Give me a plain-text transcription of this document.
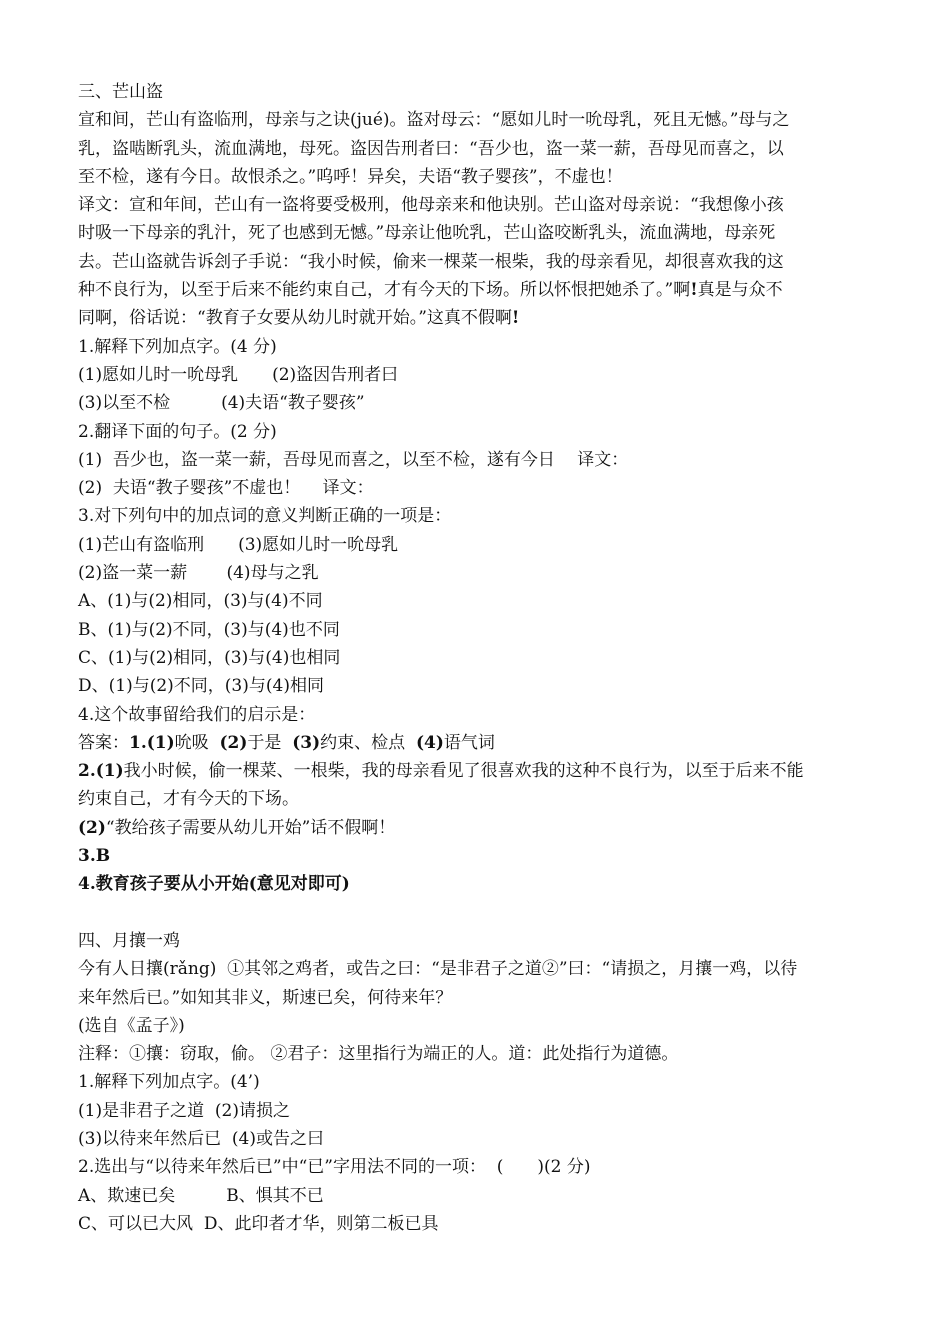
三、芒山盗
宣和间，芒山有盗临刑，母亲与之诀(jué)。盗对母云：“愿如儿时一吮母乳，死且无憾。”母与之
乳，盗啮断乳头，流血满地，母死。盗因告刑者曰：“吾少也，盗一菜一薪，吾母见而喜之，以
至不检，遂有今日。故恨杀之。”呜呼！异矣，夫语“教子婴孩”，不虚也！
译文：宣和年间，芒山有一盗将要受极刑，他母亲来和他诀别。芒山盗对母亲说：“我想像小孩
时吸一下母亲的乳汁，死了也感到无憾。”母亲让他吮乳，芒山盗咬断乳头，流血满地，母亲死
去。芒山盗就告诉刽子手说：“我小时候，偷来一棵菜一根柴，我的母亲看见，却很喜欢我的这
种不良行为，以至于后来不能约束自己，才有今天的下场。所以怀恨把她杀了。”啊!真是与众不
同啊，俗话说：“教育子女要从幼儿时就开始。”这真不假啊!
1.解释下列加点字。(4 分)
(1)愿如儿时一吮母乳　　(2)盗因告刑者曰
(3)以至不检　　　(4)夫语“教子婴孩”
2.翻译下面的句子。(2 分)
(1)  吾少也，盗一菜一薪，吾母见而喜之，以至不检，遂有今日　 译文：
(2)  夫语“教子婴孩”不虚也！　 译文：
3.对下列句中的加点词的意义判断正确的一项是：
(1)芒山有盗临刑　　(3)愿如儿时一吮母乳
(2)盗一菜一薪　　 (4)母与之乳
A、(1)与(2)相同，(3)与(4)不同
B、(1)与(2)不同，(3)与(4)也不同
C、(1)与(2)相同，(3)与(4)也相同
D、(1)与(2)不同，(3)与(4)相同
4.这个故事留给我们的启示是：
答案：1.(1)吮吸  (2)于是  (3)约束、检点  (4)语气词
2.(1)我小时候，偷一棵菜、一根柴，我的母亲看见了很喜欢我的这种不良行为，以至于后来不能
约束自己，才有今天的下场。
(2)“教给孩子需要从幼儿开始”话不假啊！
3.B
4.教育孩子要从小开始(意见对即可)
四、月攘一鸡
今有人日攘(rǎng)  ①其邻之鸡者，或告之曰：“是非君子之道②”曰：“请损之，月攘一鸡，以待
来年然后已。”如知其非义，斯速已矣，何待来年？
(选自《孟子》)
注释：①攘：窃取，偷。 ②君子：这里指行为端正的人。道：此处指行为道德。
1.解释下列加点字。(4’)
(1)是非君子之道  (2)请损之
(3)以待来年然后已  (4)或告之曰
2.选出与“以待来年然后已”中“已”字用法不同的一项：  (　　)(2 分)
A、欺速已矣　　　B、惧其不已
C、可以已大风  D、此印者才华，则第二板已具
